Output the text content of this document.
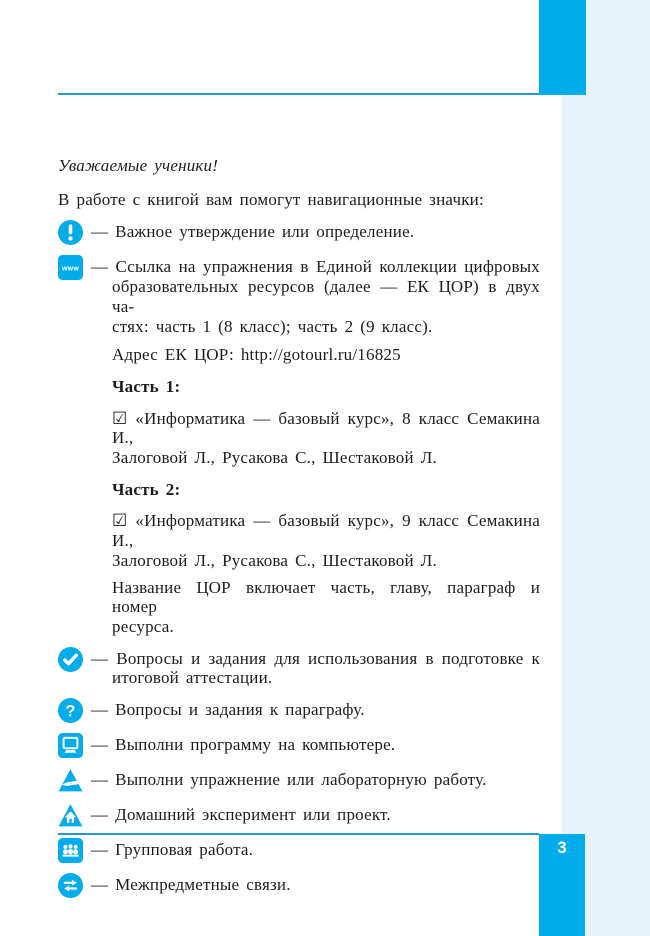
3
Уважаемые ученики!
В работе с книгой вам помогут навигационные значки:
— Важное утверждение или определение.
www — Ссылка на упражнения в Единой коллекции цифровых
образовательных ресурсов (далее — ЕК ЦОР) в двух ча-
стях: часть 1 (8 класс); часть 2 (9 класс).
Адрес ЕК ЦОР: http://gotourl.ru/16825
Часть 1:
☑ «Информатика — базовый курс», 8 класс Семакина И.,
Залоговой Л., Русакова С., Шестаковой Л.
Часть 2:
☑ «Информатика — базовый курс», 9 класс Семакина И.,
Залоговой Л., Русакова С., Шестаковой Л.
Название ЦОР включает часть, главу, параграф и номер
ресурса.
— Вопросы и задания для использования в подготовке к
итоговой аттестации.
? — Вопросы и задания к параграфу.
— Выполни программу на компьютере.
— Выполни упражнение или лабораторную работу.
— Домашний эксперимент или проект.
— Групповая работа.
— Межпредметные связи.
